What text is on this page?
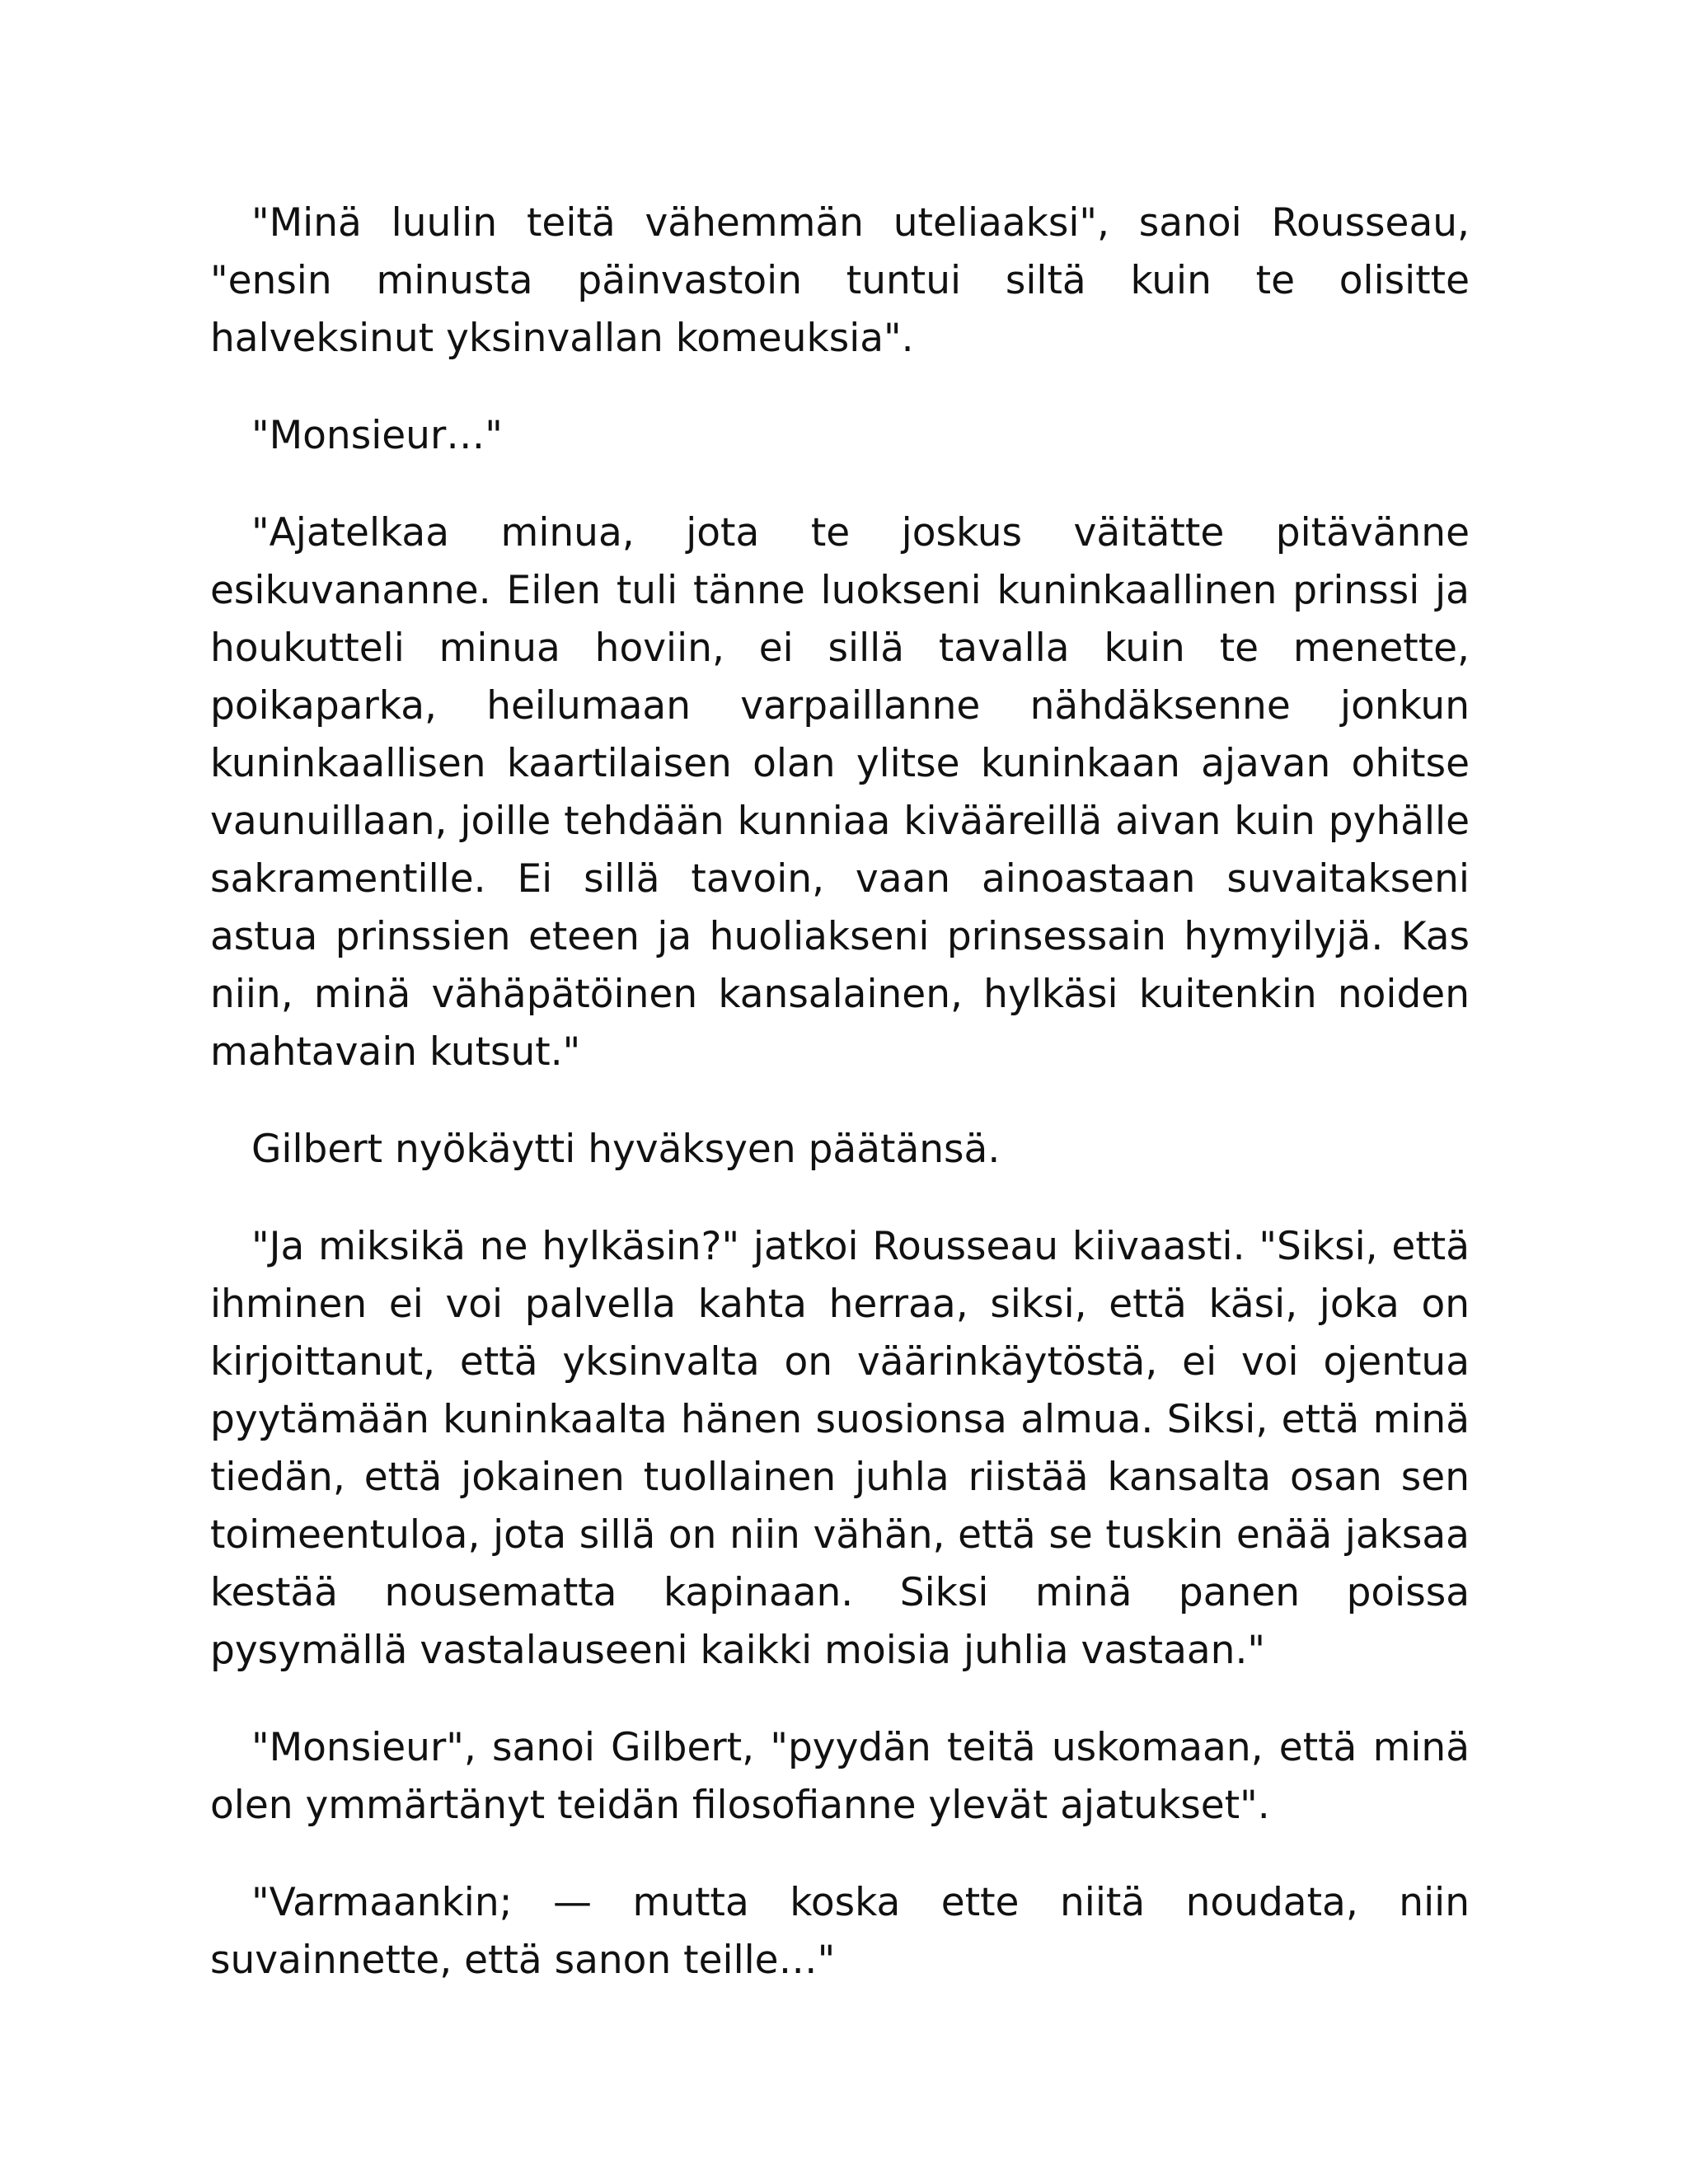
"Minä luulin teitä vähemmän uteliaaksi", sanoi Rousseau, "ensin minusta päinvastoin tuntui siltä kuin te olisitte halveksinut yksinvallan komeuksia".

"Monsieur…"

"Ajatelkaa minua, jota te joskus väitätte pitävänne esikuvananne. Eilen tuli tänne luokseni kuninkaallinen prinssi ja houkutteli minua hoviin, ei sillä tavalla kuin te menette, poikaparka, heilumaan varpaillanne nähdäksenne jonkun kuninkaallisen kaartilaisen olan ylitse kuninkaan ajavan ohitse vaunuillaan, joille tehdään kunniaa kivääreillä aivan kuin pyhälle sakramentille. Ei sillä tavoin, vaan ainoastaan suvaitakseni astua prinssien eteen ja huoliakseni prinsessain hymyilyjä. Kas niin, minä vähäpätöinen kansalainen, hylkäsi kuitenkin noiden mahtavain kutsut."

Gilbert nyökäytti hyväksyen päätänsä.

"Ja miksikä ne hylkäsin?" jatkoi Rousseau kiivaasti. "Siksi, että ihminen ei voi palvella kahta herraa, siksi, että käsi, joka on kirjoittanut, että yksinvalta on väärinkäytöstä, ei voi ojentua pyytämään kuninkaalta hänen suosionsa almua. Siksi, että minä tiedän, että jokainen tuollainen juhla riistää kansalta osan sen toimeentuloa, jota sillä on niin vähän, että se tuskin enää jaksaa kestää nousematta kapinaan. Siksi minä panen poissa pysymällä vastalauseeni kaikki moisia juhlia vastaan."

"Monsieur", sanoi Gilbert, "pyydän teitä uskomaan, että minä olen ymmärtänyt teidän filosofianne ylevät ajatukset".

"Varmaankin; — mutta koska ette niitä noudata, niin suvainnette, että sanon teille…"
